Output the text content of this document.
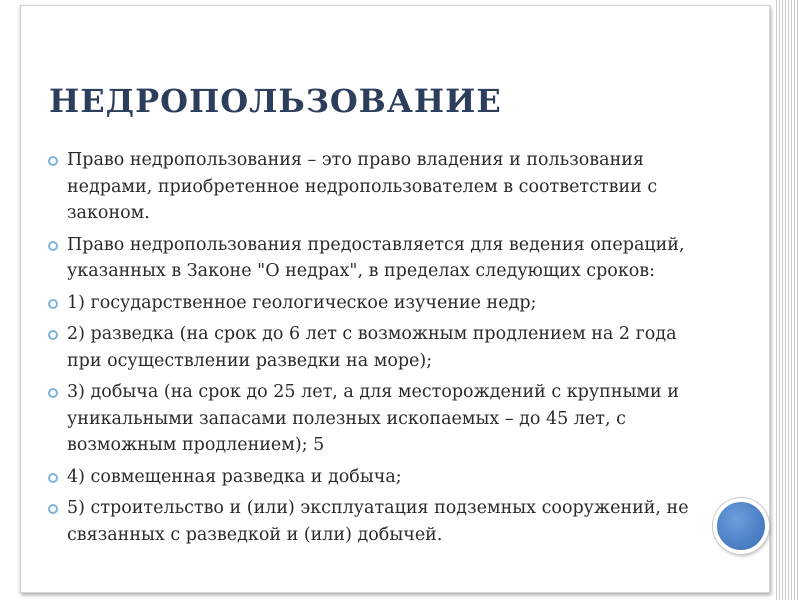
НЕДРОПОЛЬЗОВАНИЕ
Право недропользования – это право владения и пользования недрами, приобретенное недропользователем в соответствии с законом.
Право недропользования предоставляется для ведения операций, указанных в Законе "О недрах", в пределах следующих сроков:
1) государственное геологическое изучение недр;
2) разведка (на срок до 6 лет с возможным продлением на 2 года при осуществлении разведки на море);
3) добыча (на срок до 25 лет, а для месторождений с крупными и уникальными запасами полезных ископаемых – до 45 лет, с возможным продлением); 5
4) совмещенная разведка и добыча;
5) строительство и (или) эксплуатация подземных сооружений, не связанных с разведкой и (или) добычей.
